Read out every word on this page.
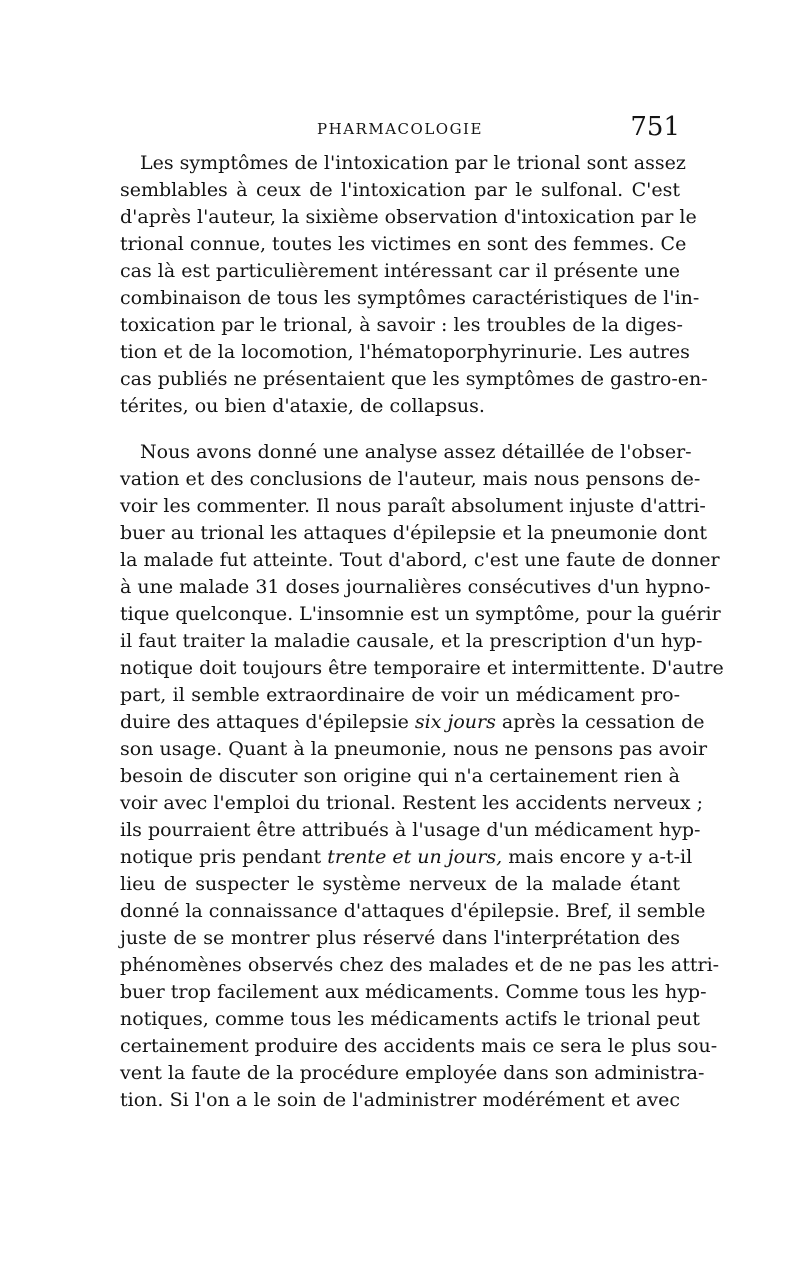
PHARMACOLOGIE	751
Les symptômes de l'intoxication par le trional sont assez
semblables à ceux de l'intoxication par le sulfonal. C'est
d'après l'auteur, la sixième observation d'intoxication par le
trional connue, toutes les victimes en sont des femmes. Ce
cas là est particulièrement intéressant car il présente une
combinaison de tous les symptômes caractéristiques de l'in-
toxication par le trional, à savoir : les troubles de la diges-
tion et de la locomotion, l'hématoporphyrinurie. Les autres
cas publiés ne présentaient que les symptômes de gastro-en-
térites, ou bien d'ataxie, de collapsus.
Nous avons donné une analyse assez détaillée de l'obser-
vation et des conclusions de l'auteur, mais nous pensons de-
voir les commenter. Il nous paraît absolument injuste d'attri-
buer au trional les attaques d'épilepsie et la pneumonie dont
la malade fut atteinte. Tout d'abord, c'est une faute de donner
à une malade 31 doses journalières consécutives d'un hypno-
tique quelconque. L'insomnie est un symptôme, pour la guérir
il faut traiter la maladie causale, et la prescription d'un hyp-
notique doit toujours être temporaire et intermittente. D'autre
part, il semble extraordinaire de voir un médicament pro-
duire des attaques d'épilepsie six jours après la cessation de
son usage. Quant à la pneumonie, nous ne pensons pas avoir
besoin de discuter son origine qui n'a certainement rien à
voir avec l'emploi du trional. Restent les accidents nerveux ;
ils pourraient être attribués à l'usage d'un médicament hyp-
notique pris pendant trente et un jours, mais encore y a-t-il
lieu de suspecter le système nerveux de la malade étant
donné la connaissance d'attaques d'épilepsie. Bref, il semble
juste de se montrer plus réservé dans l'interprétation des
phénomènes observés chez des malades et de ne pas les attri-
buer trop facilement aux médicaments. Comme tous les hyp-
notiques, comme tous les médicaments actifs le trional peut
certainement produire des accidents mais ce sera le plus sou-
vent la faute de la procédure employée dans son administra-
tion. Si l'on a le soin de l'administrer modérément et avec
